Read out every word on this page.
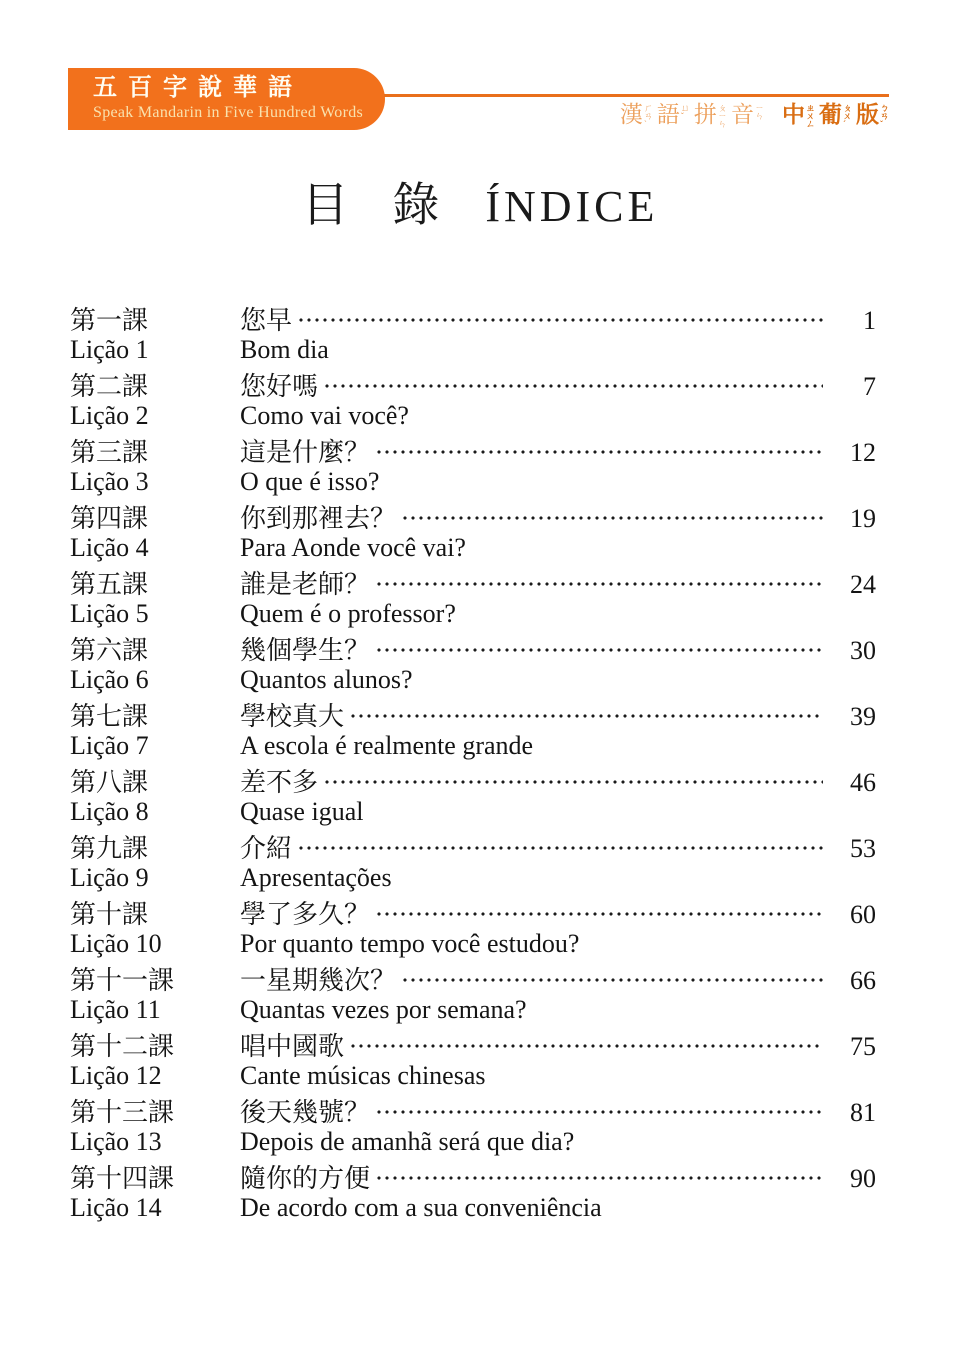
五百字說華語
Speak Mandarin in Five Hundred Words	漢 ㄏ
ㄢ
ˋ 語 ㄩ
ˇ 拼 ㄆ
ㄧ
ㄣ 音 ㄧ
ㄣ 中 ㄓ
ㄨ
ㄥ 葡 ㄆ
ㄨ
ˊ 版 ㄅ
ㄢ
ˇ
目 錄 ÍNDICE
第一課	您早	1
Lição 1	Bom dia
第二課	您好嗎	7
Lição 2	Como vai você?
第三課	這是什麼？	12
Lição 3	O que é isso?
第四課	你到那裡去？	19
Lição 4	Para Aonde você vai?
第五課	誰是老師？	24
Lição 5	Quem é o professor?
第六課	幾個學生？	30
Lição 6	Quantos alunos?
第七課	學校真大	39
Lição 7	A escola é realmente grande
第八課	差不多	46
Lição 8	Quase igual
第九課	介紹	53
Lição 9	Apresentações
第十課	學了多久？	60
Lição 10	Por quanto tempo você estudou?
第十一課	一星期幾次？	66
Lição 11	Quantas vezes por semana?
第十二課	唱中國歌	75
Lição 12	Cante músicas chinesas
第十三課	後天幾號？	81
Lição 13	Depois de amanhã será que dia?
第十四課	隨你的方便	90
Lição 14	De acordo com a sua conveniência
